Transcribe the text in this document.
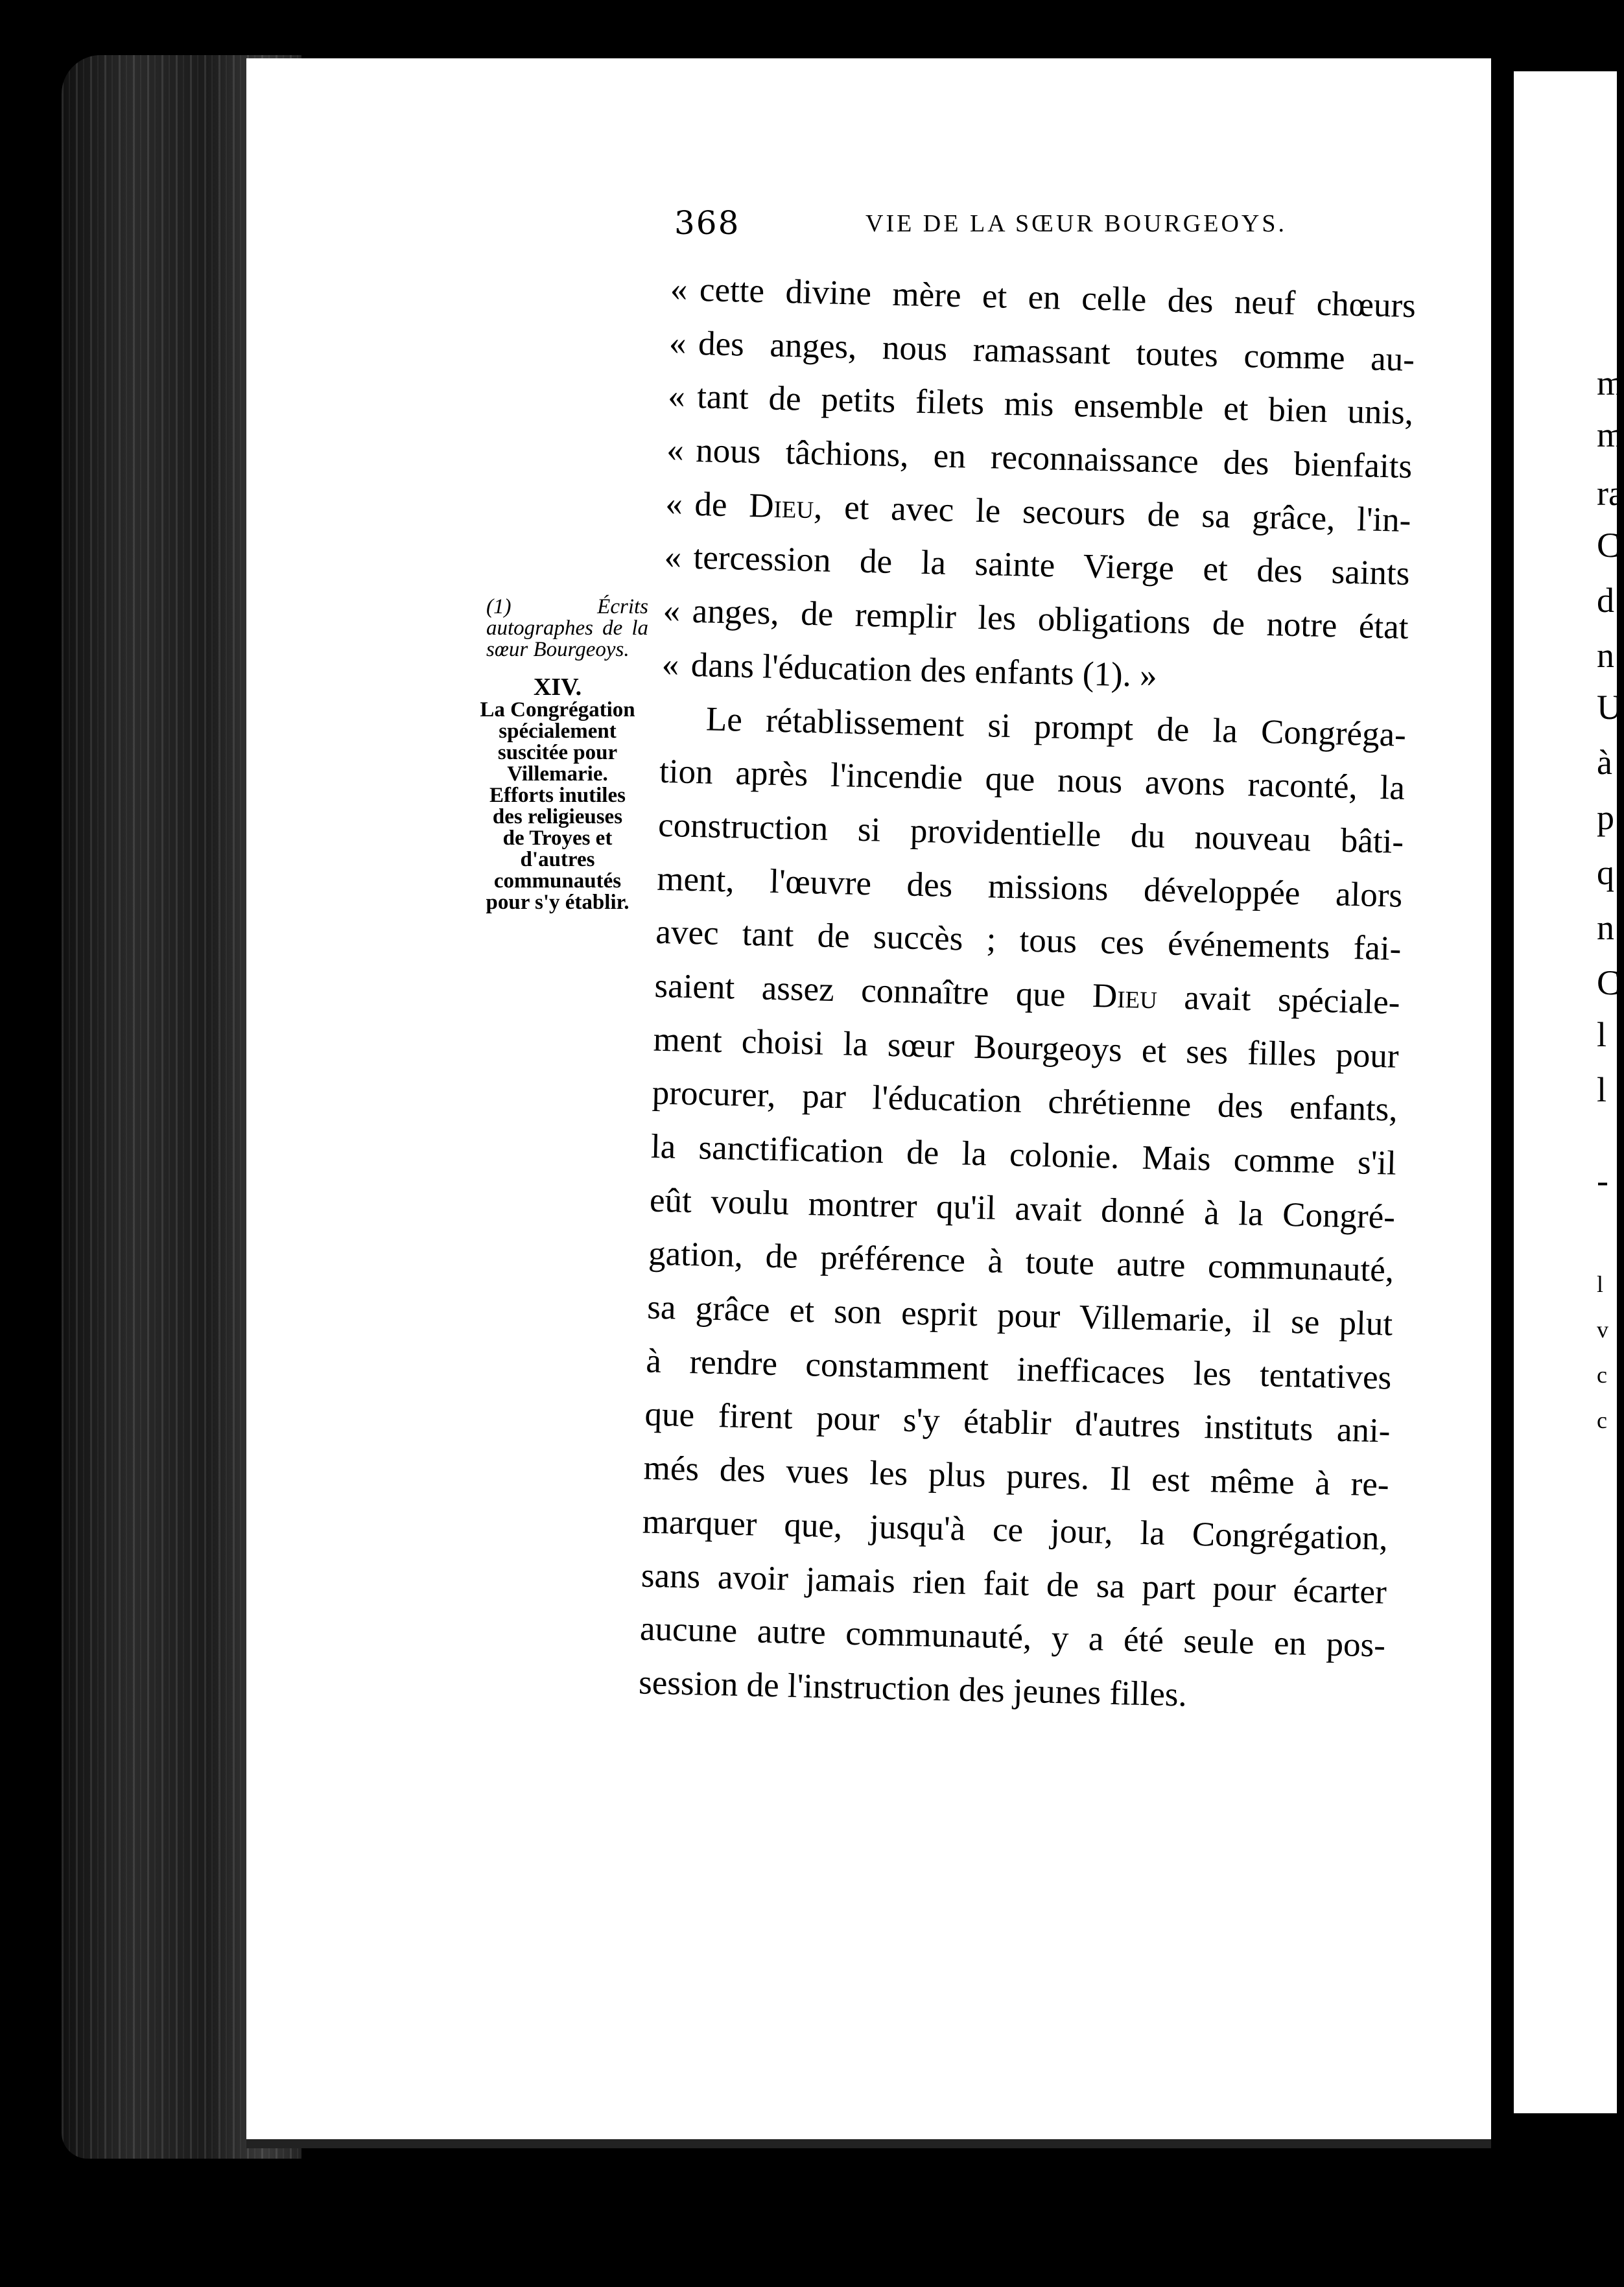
m
m
ra
C
d
n
U
à
p
q
n
C
l
l
-
l
v
c
c
368	VIE DE LA SŒUR BOURGEOYS.
(1) Écrits autographes de la sœur Bourgeoys.
XIV.
La Congrégation spécialement suscitée pour Villemarie. Efforts inutiles des religieuses de Troyes et d'autres communautés pour s'y établir.
« cette divine mère et en celle des neuf chœurs
« des anges, nous ramassant toutes comme au-
« tant de petits filets mis ensemble et bien unis,
« nous tâchions, en reconnaissance des bienfaits
« de Dieu, et avec le secours de sa grâce, l'in-
« tercession de la sainte Vierge et des saints
« anges, de remplir les obligations de notre état
« dans l'éducation des enfants (1). »
Le rétablissement si prompt de la Congréga-
tion après l'incendie que nous avons raconté, la
construction si providentielle du nouveau bâti-
ment, l'œuvre des missions développée alors
avec tant de succès ; tous ces événements fai-
saient assez connaître que Dieu avait spéciale-
ment choisi la sœur Bourgeoys et ses filles pour
procurer, par l'éducation chrétienne des enfants,
la sanctification de la colonie. Mais comme s'il
eût voulu montrer qu'il avait donné à la Congré-
gation, de préférence à toute autre communauté,
sa grâce et son esprit pour Villemarie, il se plut
à rendre constamment inefficaces les tentatives
que firent pour s'y établir d'autres instituts ani-
més des vues les plus pures. Il est même à re-
marquer que, jusqu'à ce jour, la Congrégation,
sans avoir jamais rien fait de sa part pour écarter
aucune autre communauté, y a été seule en pos-
session de l'instruction des jeunes filles.
